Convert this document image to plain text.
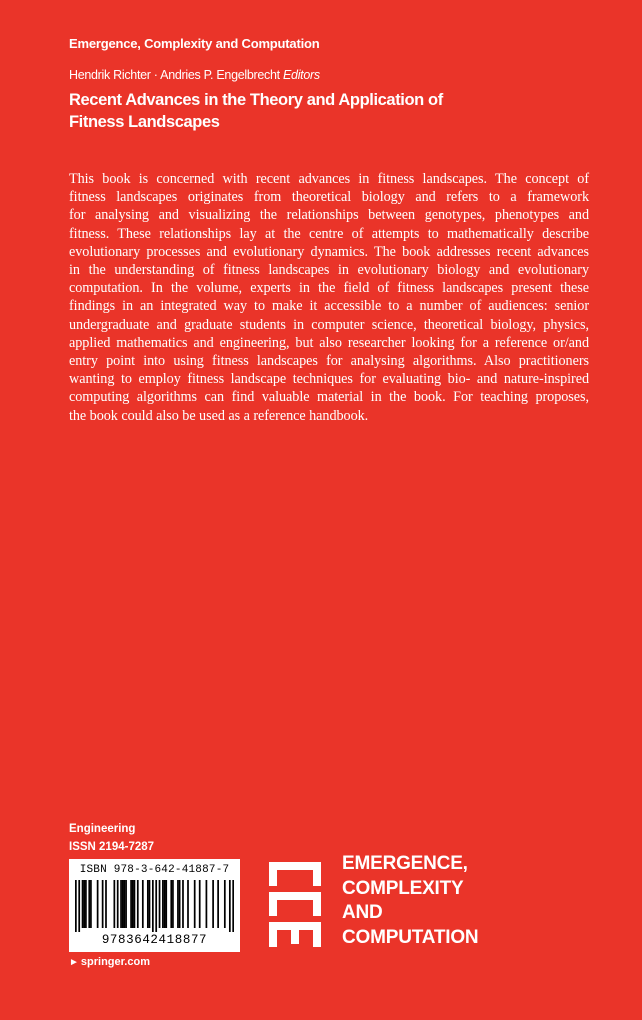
Emergence, Complexity and Computation
Hendrik Richter · Andries P. Engelbrecht Editors
Recent Advances in the Theory and Application of
Fitness Landscapes
This book is concerned with recent advances in fitness landscapes. The concept of
fitness landscapes originates from theoretical biology and refers to a framework
for analysing and visualizing the relationships between genotypes, phenotypes and
fitness. These relationships lay at the centre of attempts to mathematically describe
evolutionary processes and evolutionary dynamics. The book addresses recent advances
in the understanding of fitness landscapes in evolutionary biology and evolutionary
computation. In the volume, experts in the field of fitness landscapes present these
findings in an integrated way to make it accessible to a number of audiences: senior
undergraduate and graduate students in computer science, theoretical biology, physics,
applied mathematics and engineering, but also researcher looking for a reference or/and
entry point into using fitness landscapes for analysing algorithms. Also practitioners
wanting to employ fitness landscape techniques for evaluating bio- and nature-inspired
computing algorithms can find valuable material in the book. For teaching proposes,
the book could also be used as a reference handbook.
Engineering
ISSN 2194-7287
ISBN 978-3-642-41887-7
9783642418877
► springer.com
EMERGENCE,
COMPLEXITY
AND
COMPUTATION
